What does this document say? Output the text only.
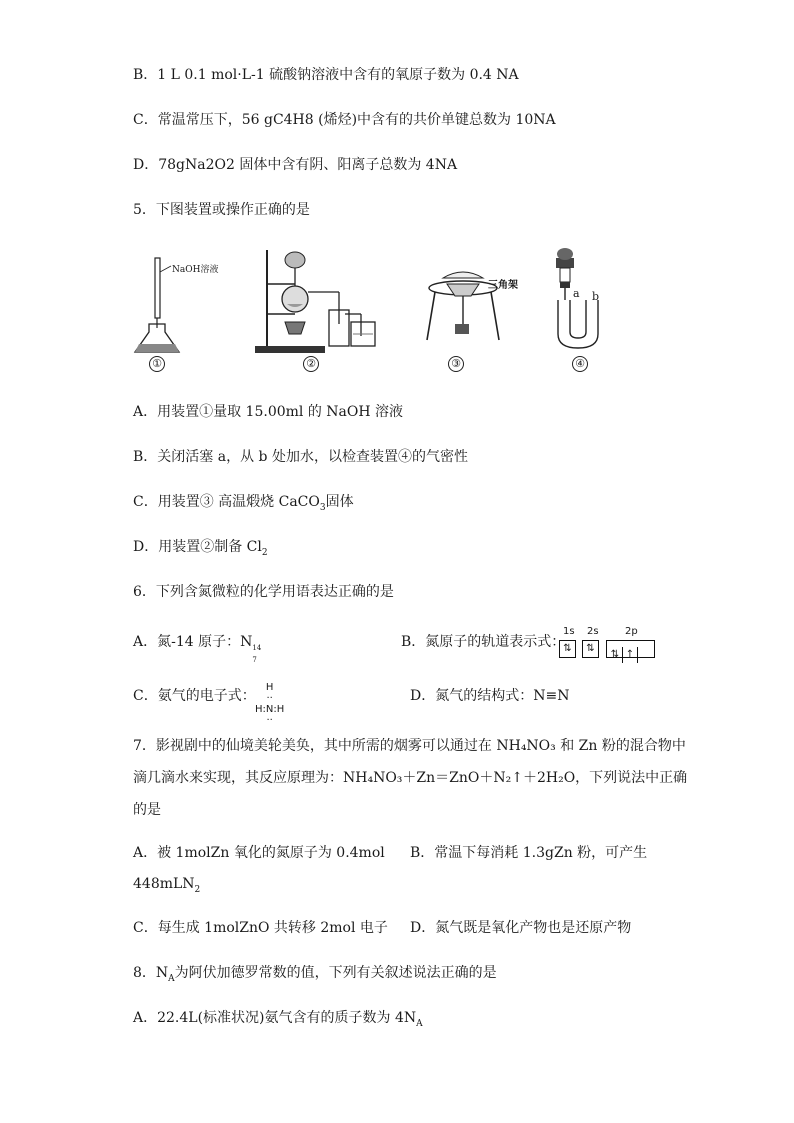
B．1 L 0.1 mol·L-1 硫酸钠溶液中含有的氧原子数为 0.4 NA
C．常温常压下，56 gC4H8 (烯烃)中含有的共价单键总数为 10NA
D．78gNa2O2 固体中含有阴、阳离子总数为 4NA
5．下图装置或操作正确的是
NaOH溶液
三角架
a b
①	②	③	④
A．用装置①量取 15.00ml 的 NaOH 溶液
B．关闭活塞 a，从 b 处加水，以检查装置④的气密性
C．用装置③ 高温煅烧 CaCO$_3$固体
D．用装置②制备 $Cl_2$
6．下列含氮微粒的化学用语表达正确的是
A．氮-14 原子：N 14
7
B．氮原子的轨道表示式：
1s 2s	2p
⇅	⇅
⇅ ↑
C．氨气的电子式：
H
··
H:N:H
··
D．氮气的结构式：N≡N
7．影视剧中的仙境美轮美奂，其中所需的烟雾可以通过在 NH₄NO₃ 和 Zn 粉的混合物中
滴几滴水来实现，其反应原理为：NH₄NO₃＋Zn＝ZnO＋N₂↑＋2H₂O，下列说法中正确
的是
A．被 1molZn 氧化的氮原子为 0.4mol B．常温下每消耗 1.3gZn 粉，可产生
448mLN$_2$
C．每生成 1molZnO 共转移 2mol 电子 D．氮气既是氧化产物也是还原产物
8．$N_A$为阿伏加德罗常数的值，下列有关叙述说法正确的是
A．22.4L(标准状况)氨气含有的质子数为 $4N_A$
